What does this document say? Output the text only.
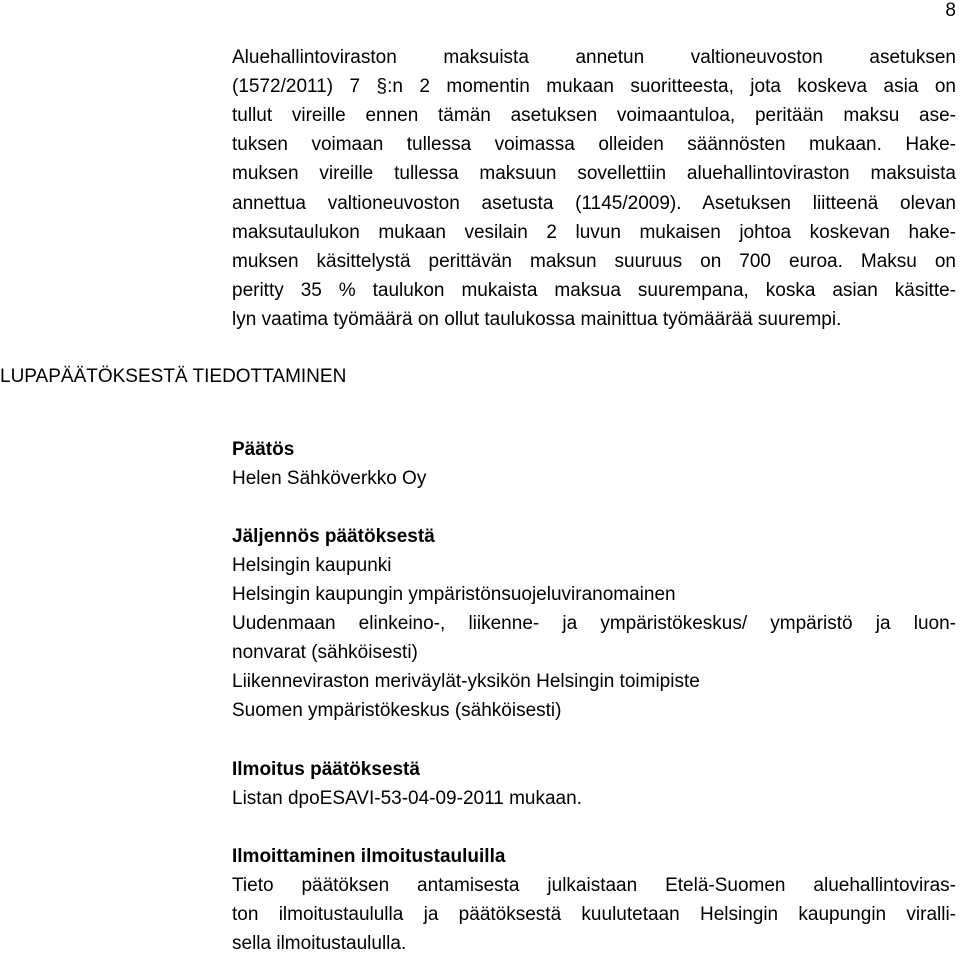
8
Aluehallintoviraston maksuista annetun valtioneuvoston asetuksen
(1572/2011) 7 §:n 2 momentin mukaan suoritteesta, jota koskeva asia on
tullut vireille ennen tämän asetuksen voimaantuloa, peritään maksu ase-
tuksen voimaan tullessa voimassa olleiden säännösten mukaan. Hake-
muksen vireille tullessa maksuun sovellettiin aluehallintoviraston maksuista
annettua valtioneuvoston asetusta (1145/2009). Asetuksen liitteenä olevan
maksutaulukon mukaan vesilain 2 luvun mukaisen johtoa koskevan hake-
muksen käsittelystä perittävän maksun suuruus on 700 euroa. Maksu on
peritty 35 % taulukon mukaista maksua suurempana, koska asian käsitte-
lyn vaatima työmäärä on ollut taulukossa mainittua työmäärää suurempi.
LUPAPÄÄTÖKSESTÄ TIEDOTTAMINEN
Päätös
Helen Sähköverkko Oy
Jäljennös päätöksestä
Helsingin kaupunki
Helsingin kaupungin ympäristönsuojeluviranomainen
Uudenmaan elinkeino-, liikenne- ja ympäristökeskus/ ympäristö ja luon-
nonvarat (sähköisesti)
Liikenneviraston meriväylät-yksikön Helsingin toimipiste
Suomen ympäristökeskus (sähköisesti)
Ilmoitus päätöksestä
Listan dpoESAVI-53-04-09-2011 mukaan.
Ilmoittaminen ilmoitustauluilla
Tieto päätöksen antamisesta julkaistaan Etelä-Suomen aluehallintoviras-
ton ilmoitustaululla ja päätöksestä kuulutetaan Helsingin kaupungin viralli-
sella ilmoitustaululla.
